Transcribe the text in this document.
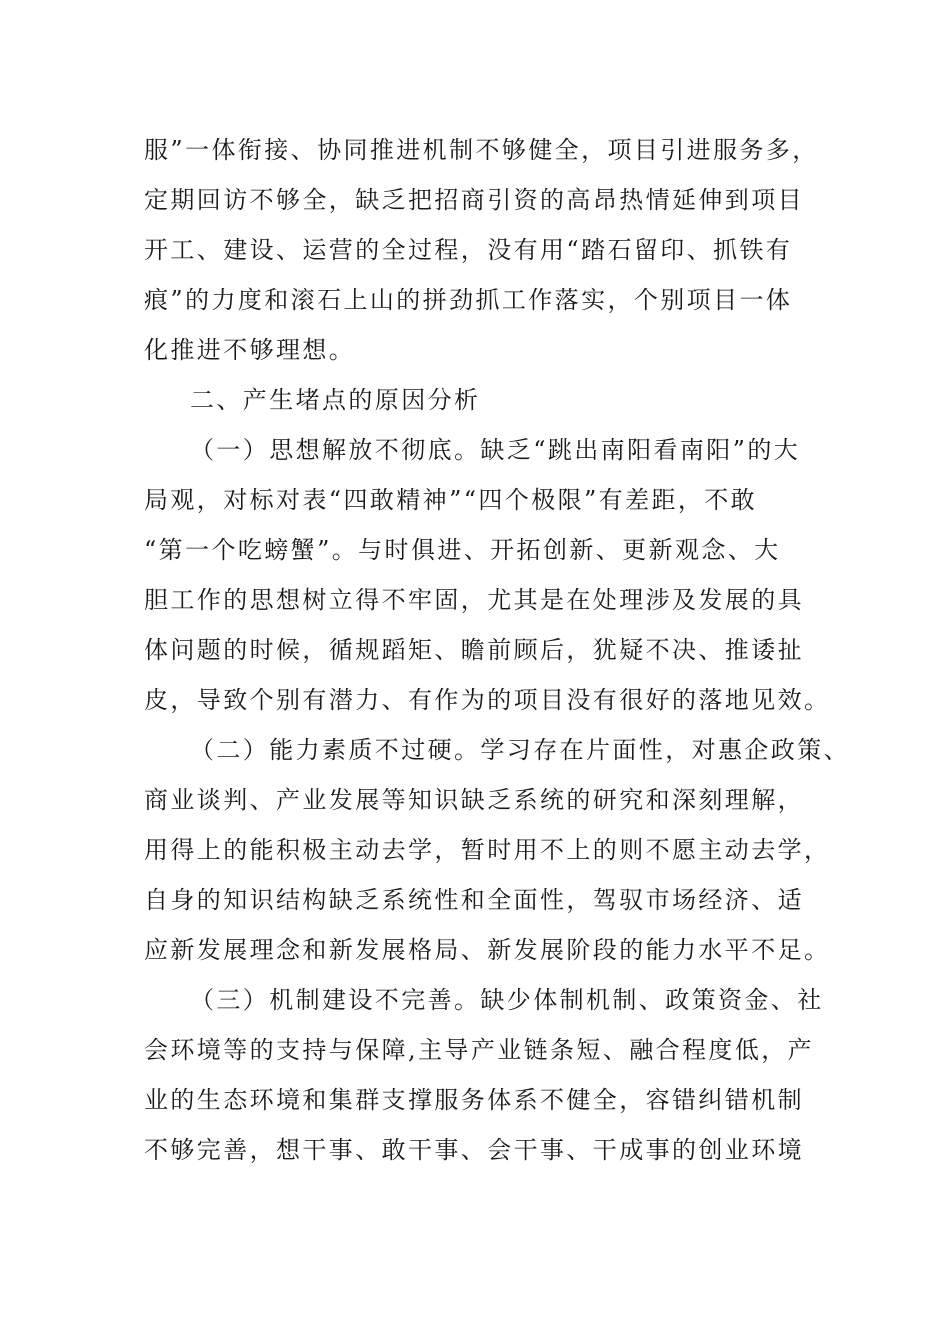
服”一体衔接、协同推进机制不够健全，项目引进服务多，
定期回访不够全，缺乏把招商引资的高昂热情延伸到项目
开工、建设、运营的全过程，没有用“踏石留印、抓铁有
痕”的力度和滚石上山的拼劲抓工作落实，个别项目一体
化推进不够理想。
二、产生堵点的原因分析
（一）思想解放不彻底。缺乏“跳出南阳看南阳”的大
局观，对标对表“四敢精神”“四个极限”有差距，不敢
“第一个吃螃蟹”。与时俱进、开拓创新、更新观念、大
胆工作的思想树立得不牢固，尤其是在处理涉及发展的具
体问题的时候，循规蹈矩、瞻前顾后，犹疑不决、推诿扯
皮，导致个别有潜力、有作为的项目没有很好的落地见效。
（二）能力素质不过硬。学习存在片面性，对惠企政策、
商业谈判、产业发展等知识缺乏系统的研究和深刻理解，
用得上的能积极主动去学，暂时用不上的则不愿主动去学，
自身的知识结构缺乏系统性和全面性，驾驭市场经济、适
应新发展理念和新发展格局、新发展阶段的能力水平不足。
（三）机制建设不完善。缺少体制机制、政策资金、社
会环境等的支持与保障,主导产业链条短、融合程度低，产
业的生态环境和集群支撑服务体系不健全，容错纠错机制
不够完善，想干事、敢干事、会干事、干成事的创业环境
